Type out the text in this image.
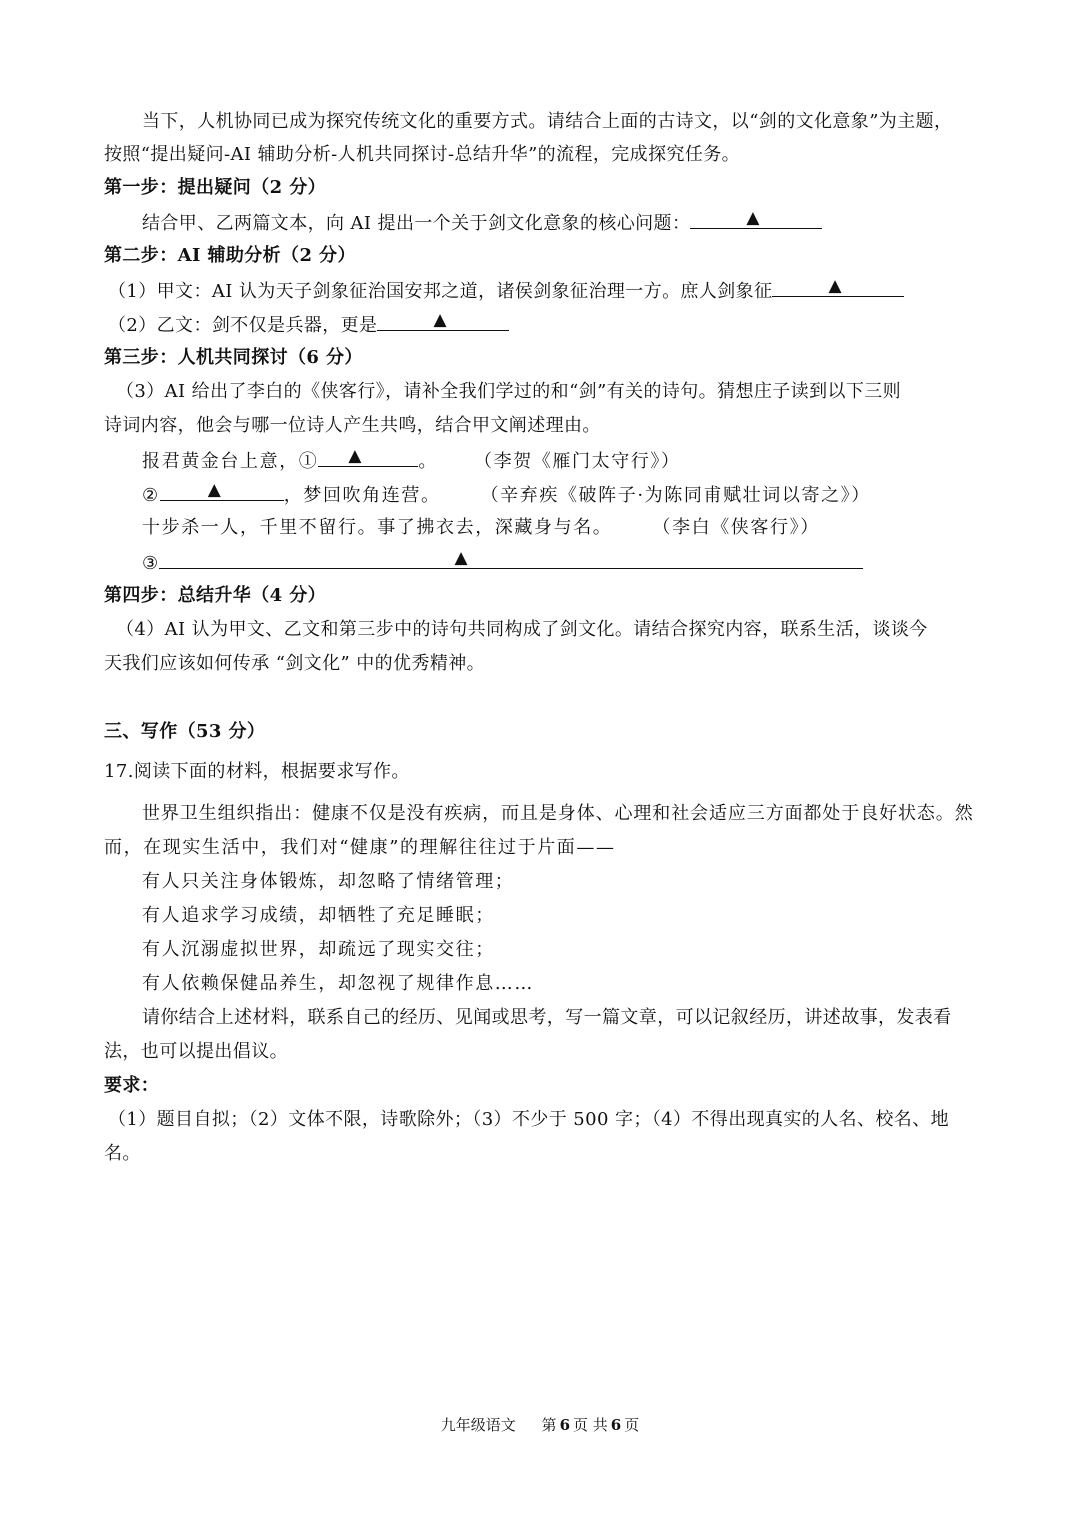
当下，人机协同已成为探究传统文化的重要方式。请结合上面的古诗文，以“剑的文化意象”为主题，
按照“提出疑问-AI 辅助分析-人机共同探讨-总结升华”的流程，完成探究任务。
第一步：提出疑问（2 分）
结合甲、乙两篇文本，向 AI 提出一个关于剑文化意象的核心问题：	▲
第二步：AI 辅助分析（2 分）
（1）甲文：AI 认为天子剑象征治国安邦之道，诸侯剑象征治理一方。庶人剑象征	▲
（2）乙文：剑不仅是兵器，更是	▲
第三步：人机共同探讨（6 分）
（3）AI 给出了李白的《侠客行》，请补全我们学过的和“剑”有关的诗句。猜想庄子读到以下三则
诗词内容，他会与哪一位诗人产生共鸣，结合甲文阐述理由。
报君黄金台上意，① ▲	。 （李贺《雁门太守行》）
②	▲	，梦回吹角连营。 （辛弃疾《破阵子·为陈同甫赋壮词以寄之》）
十步杀一人，千里不留行。事了拂衣去，深藏身与名。 （李白《侠客行》）
③	▲
第四步：总结升华（4 分）
（4）AI 认为甲文、乙文和第三步中的诗句共同构成了剑文化。请结合探究内容，联系生活，谈谈今
天我们应该如何传承 “剑文化” 中的优秀精神。
三、写作（53 分）
17.阅读下面的材料，根据要求写作。
世界卫生组织指出：健康不仅是没有疾病，而且是身体、心理和社会适应三方面都处于良好状态。然
而，在现实生活中，我们对“健康”的理解往往过于片面——
有人只关注身体锻炼，却忽略了情绪管理；
有人追求学习成绩，却牺牲了充足睡眠；
有人沉溺虚拟世界，却疏远了现实交往；
有人依赖保健品养生，却忽视了规律作息……
请你结合上述材料，联系自己的经历、见闻或思考，写一篇文章，可以记叙经历，讲述故事，发表看
法，也可以提出倡议。
要求：
（1）题目自拟；（2）文体不限，诗歌除外；（3）不少于 500 字；（4）不得出现真实的人名、校名、地
名。
九年级语文 第 6 页 共 6 页
